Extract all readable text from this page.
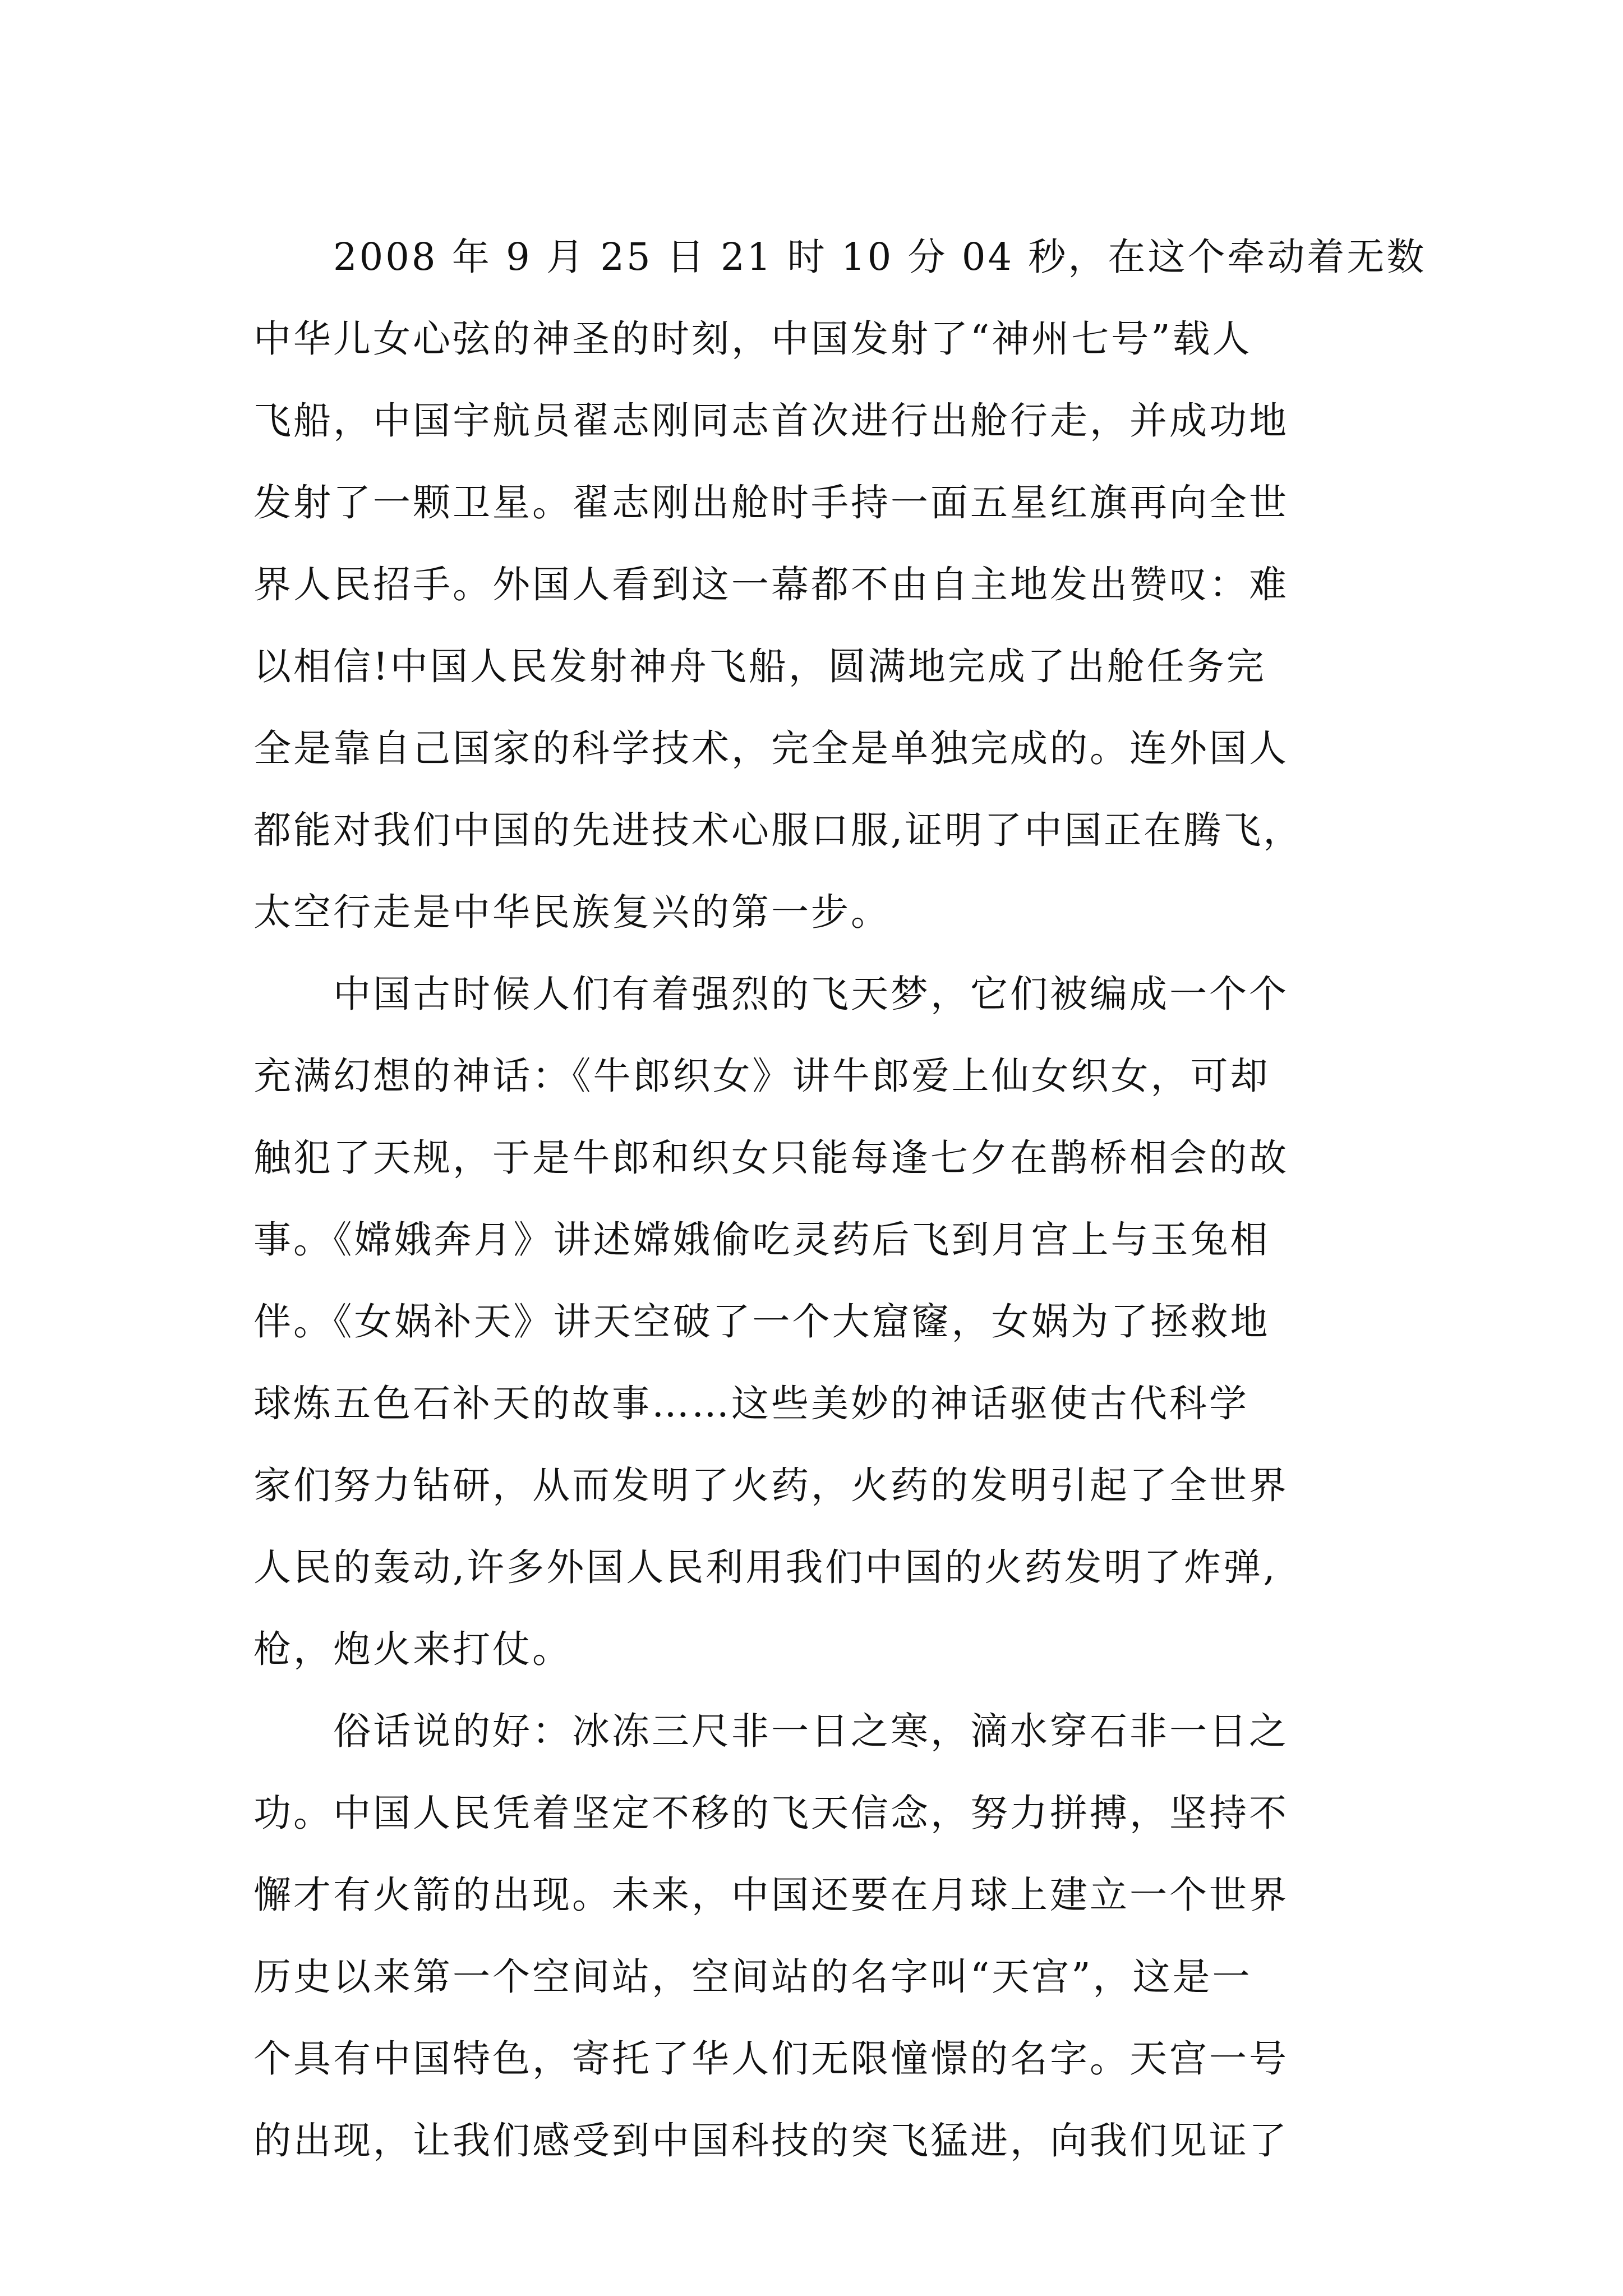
2008 年 9 月 25 日 21 时 10 分 04 秒，在这个牵动着无数
中华儿女心弦的神圣的时刻，中国发射了“神州七号”载人
飞船，中国宇航员翟志刚同志首次进行出舱行走，并成功地
发射了一颗卫星。翟志刚出舱时手持一面五星红旗再向全世
界人民招手。外国人看到这一幕都不由自主地发出赞叹：难
以相信!中国人民发射神舟飞船，圆满地完成了出舱任务完
全是靠自己国家的科学技术，完全是单独完成的。连外国人
都能对我们中国的先进技术心服口服,证明了中国正在腾飞，
太空行走是中华民族复兴的第一步。
中国古时候人们有着强烈的飞天梦，它们被编成一个个
充满幻想的神话：《牛郎织女》讲牛郎爱上仙女织女，可却
触犯了天规，于是牛郎和织女只能每逢七夕在鹊桥相会的故
事。《嫦娥奔月》讲述嫦娥偷吃灵药后飞到月宫上与玉兔相
伴。《女娲补天》讲天空破了一个大窟窿，女娲为了拯救地
球炼五色石补天的故事……这些美妙的神话驱使古代科学
家们努力钻研，从而发明了火药，火药的发明引起了全世界
人民的轰动,许多外国人民利用我们中国的火药发明了炸弹,
枪，炮火来打仗。
俗话说的好：冰冻三尺非一日之寒，滴水穿石非一日之
功。中国人民凭着坚定不移的飞天信念，努力拼搏，坚持不
懈才有火箭的出现。未来，中国还要在月球上建立一个世界
历史以来第一个空间站，空间站的名字叫“天宫”，这是一
个具有中国特色，寄托了华人们无限憧憬的名字。天宫一号
的出现，让我们感受到中国科技的突飞猛进，向我们见证了
